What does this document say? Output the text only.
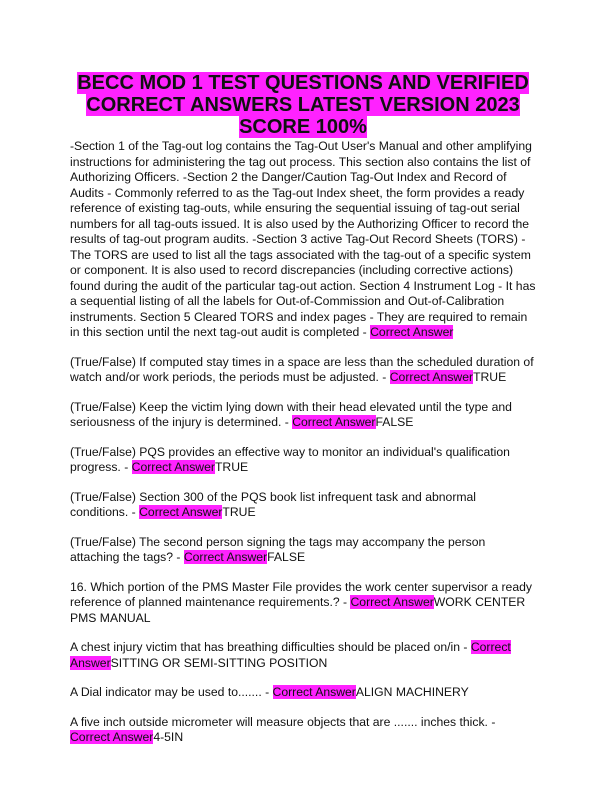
BECC MOD 1 TEST QUESTIONS AND VERIFIED CORRECT ANSWERS LATEST VERSION 2023 SCORE 100%

-Section 1 of the Tag-out log contains the Tag-Out User's Manual and other amplifying instructions for administering the tag out process. This section also contains the list of Authorizing Officers. -Section 2 the Danger/Caution Tag-Out Index and Record of Audits - Commonly referred to as the Tag-out Index sheet, the form provides a ready reference of existing tag-outs, while ensuring the sequential issuing of tag-out serial numbers for all tag-outs issued. It is also used by the Authorizing Officer to record the results of tag-out program audits. -Section 3 active Tag-Out Record Sheets (TORS) - The TORS are used to list all the tags associated with the tag-out of a specific system or component. It is also used to record discrepancies (including corrective actions) found during the audit of the particular tag-out action. Section 4 Instrument Log - It has a sequential listing of all the labels for Out-of-Commission and Out-of-Calibration instruments. Section 5 Cleared TORS and index pages - They are required to remain in this section until the next tag-out audit is completed - Correct Answer

(True/False) If computed stay times in a space are less than the scheduled duration of watch and/or work periods, the periods must be adjusted. - Correct AnswerTRUE

(True/False) Keep the victim lying down with their head elevated until the type and seriousness of the injury is determined. - Correct AnswerFALSE

(True/False) PQS provides an effective way to monitor an individual's qualification progress. - Correct AnswerTRUE

(True/False) Section 300 of the PQS book list infrequent task and abnormal conditions. - Correct AnswerTRUE

(True/False) The second person signing the tags may accompany the person attaching the tags? - Correct AnswerFALSE

16. Which portion of the PMS Master File provides the work center supervisor a ready reference of planned maintenance requirements.? - Correct AnswerWORK CENTER PMS MANUAL

A chest injury victim that has breathing difficulties should be placed on/in - Correct AnswerSITTING OR SEMI-SITTING POSITION

A Dial indicator may be used to....... - Correct AnswerALIGN MACHINERY

A five inch outside micrometer will measure objects that are ....... inches thick. - Correct Answer4-5IN
